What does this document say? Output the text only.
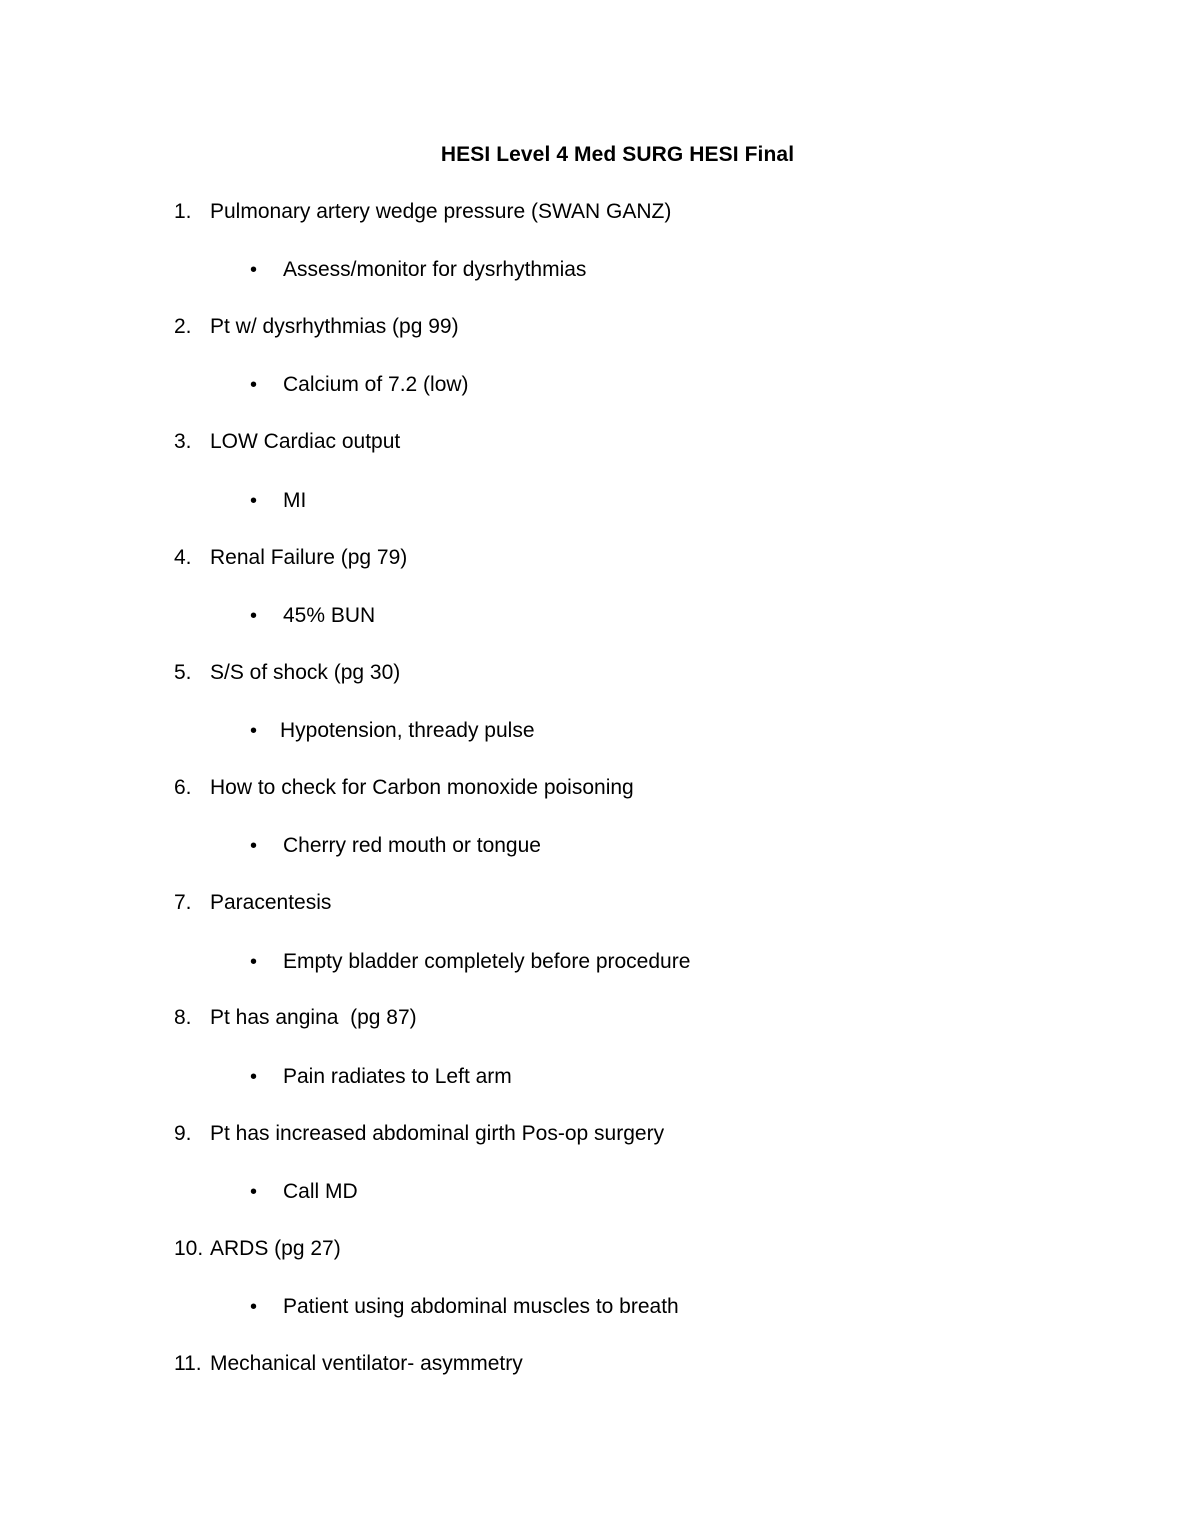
HESI Level 4 Med SURG HESI Final
1. Pulmonary artery wedge pressure (SWAN GANZ)
• Assess/monitor for dysrhythmias
2. Pt w/ dysrhythmias (pg 99)
• Calcium of 7.2 (low)
3. LOW Cardiac output
• MI
4. Renal Failure (pg 79)
• 45% BUN
5. S/S of shock (pg 30)
• Hypotension, thready pulse
6. How to check for Carbon monoxide poisoning
• Cherry red mouth or tongue
7. Paracentesis
• Empty bladder completely before procedure
8. Pt has angina  (pg 87)
• Pain radiates to Left arm
9. Pt has increased abdominal girth Pos-op surgery
• Call MD
10. ARDS (pg 27)
• Patient using abdominal muscles to breath
11. Mechanical ventilator- asymmetry
